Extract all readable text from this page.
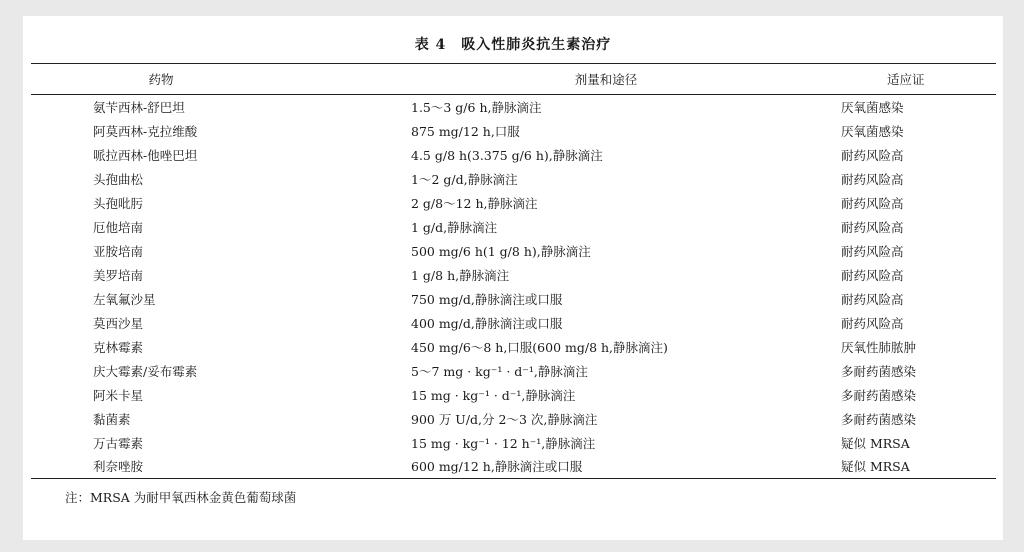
表 4　吸入性肺炎抗生素治疗
药物	剂量和途径	适应证
氨苄西林-舒巴坦	1.5～3 g/6 h,静脉滴注	厌氧菌感染
阿莫西林-克拉维酸	875 mg/12 h,口服	厌氧菌感染
哌拉西林-他唑巴坦	4.5 g/8 h(3.375 g/6 h),静脉滴注	耐药风险高
头孢曲松	1～2 g/d,静脉滴注	耐药风险高
头孢吡肟	2 g/8～12 h,静脉滴注	耐药风险高
厄他培南	1 g/d,静脉滴注	耐药风险高
亚胺培南	500 mg/6 h(1 g/8 h),静脉滴注	耐药风险高
美罗培南	1 g/8 h,静脉滴注	耐药风险高
左氧氟沙星	750 mg/d,静脉滴注或口服	耐药风险高
莫西沙星	400 mg/d,静脉滴注或口服	耐药风险高
克林霉素	450 mg/6～8 h,口服(600 mg/8 h,静脉滴注)	厌氧性肺脓肿
庆大霉素/妥布霉素	5～7 mg · kg⁻¹ · d⁻¹,静脉滴注	多耐药菌感染
阿米卡星	15 mg · kg⁻¹ · d⁻¹,静脉滴注	多耐药菌感染
黏菌素	900 万 U/d,分 2～3 次,静脉滴注	多耐药菌感染
万古霉素	15 mg · kg⁻¹ · 12 h⁻¹,静脉滴注	疑似 MRSA
利奈唑胺	600 mg/12 h,静脉滴注或口服	疑似 MRSA
注：MRSA 为耐甲氧西林金黄色葡萄球菌
